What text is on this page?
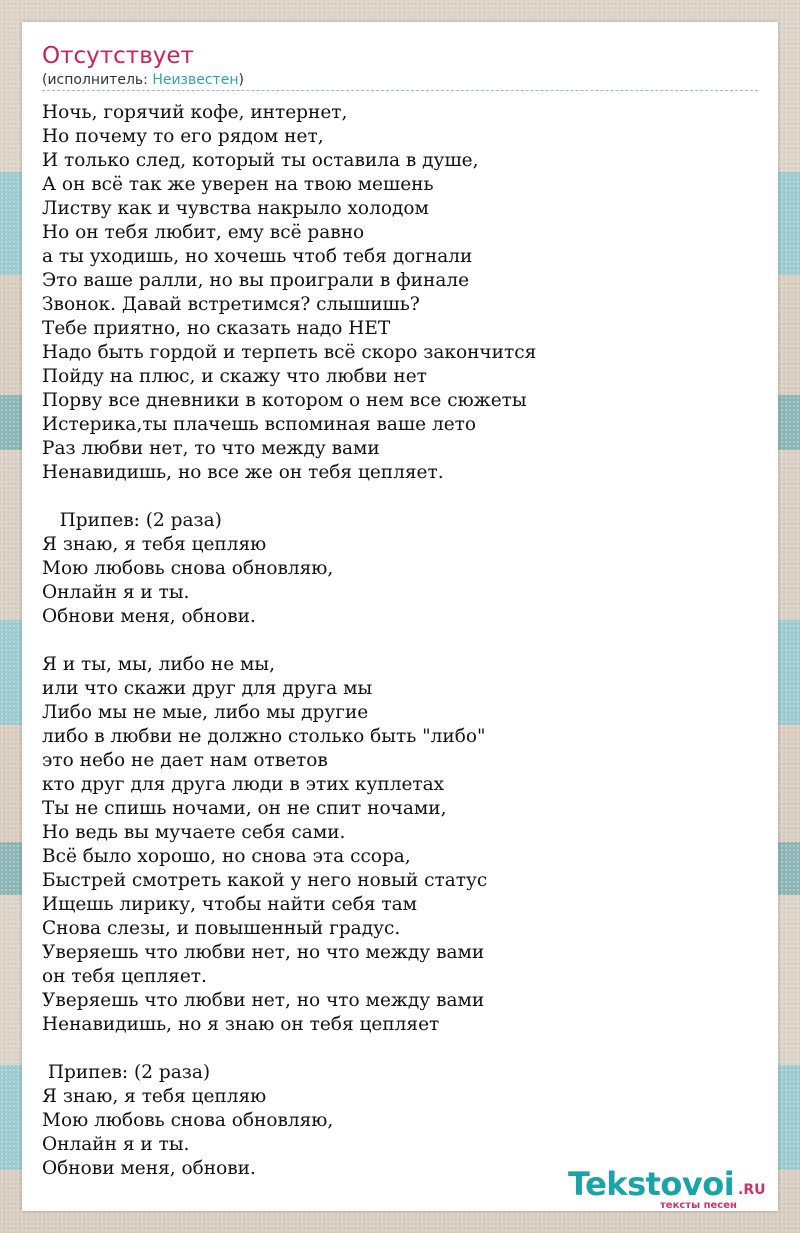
Отсутствует
(исполнитель: Неизвестен)
Ночь, горячий кофе, интернет,
Но почему то его рядом нет,
И только след, который ты оставила в душе,
А он всё так же уверен на твою мешень
Листву как и чувства накрыло холодом
Но он тебя любит, ему всё равно
а ты уходишь, но хочешь чтоб тебя догнали
Это ваше ралли, но вы проиграли в финале
Звонок. Давай встретимся? слышишь?
Тебе приятно, но сказать надо НЕТ
Надо быть гордой и терпеть всё скоро закончится
Пойду на плюс, и скажу что любви нет
Порву все дневники в котором о нем все сюжеты
Истерика,ты плачешь вспоминая ваше лето
Раз любви нет, то что между вами
Ненавидишь, но все же он тебя цепляет.
Припев: (2 раза)
Я знаю, я тебя цепляю
Мою любовь снова обновляю,
Онлайн я и ты.
Обнови меня, обнови.
Я и ты, мы, либо не мы,
или что скажи друг для друга мы
Либо мы не мые, либо мы другие
либо в любви не должно столько быть "либо"
это небо не дает нам ответов
кто друг для друга люди в этих куплетах
Ты не спишь ночами, он не спит ночами,
Но ведь вы мучаете себя сами.
Всё было хорошо, но снова эта ссора,
Быстрей смотреть какой у него новый статус
Ищешь лирику, чтобы найти себя там
Снова слезы, и повышенный градус.
Уверяешь что любви нет, но что между вами
он тебя цепляет.
Уверяешь что любви нет, но что между вами
Ненавидишь, но я знаю он тебя цепляет
Припев: (2 раза)
Я знаю, я тебя цепляю
Мою любовь снова обновляю,
Онлайн я и ты.
Обнови меня, обнови.	Tekstovoi .RU
тексты песен
